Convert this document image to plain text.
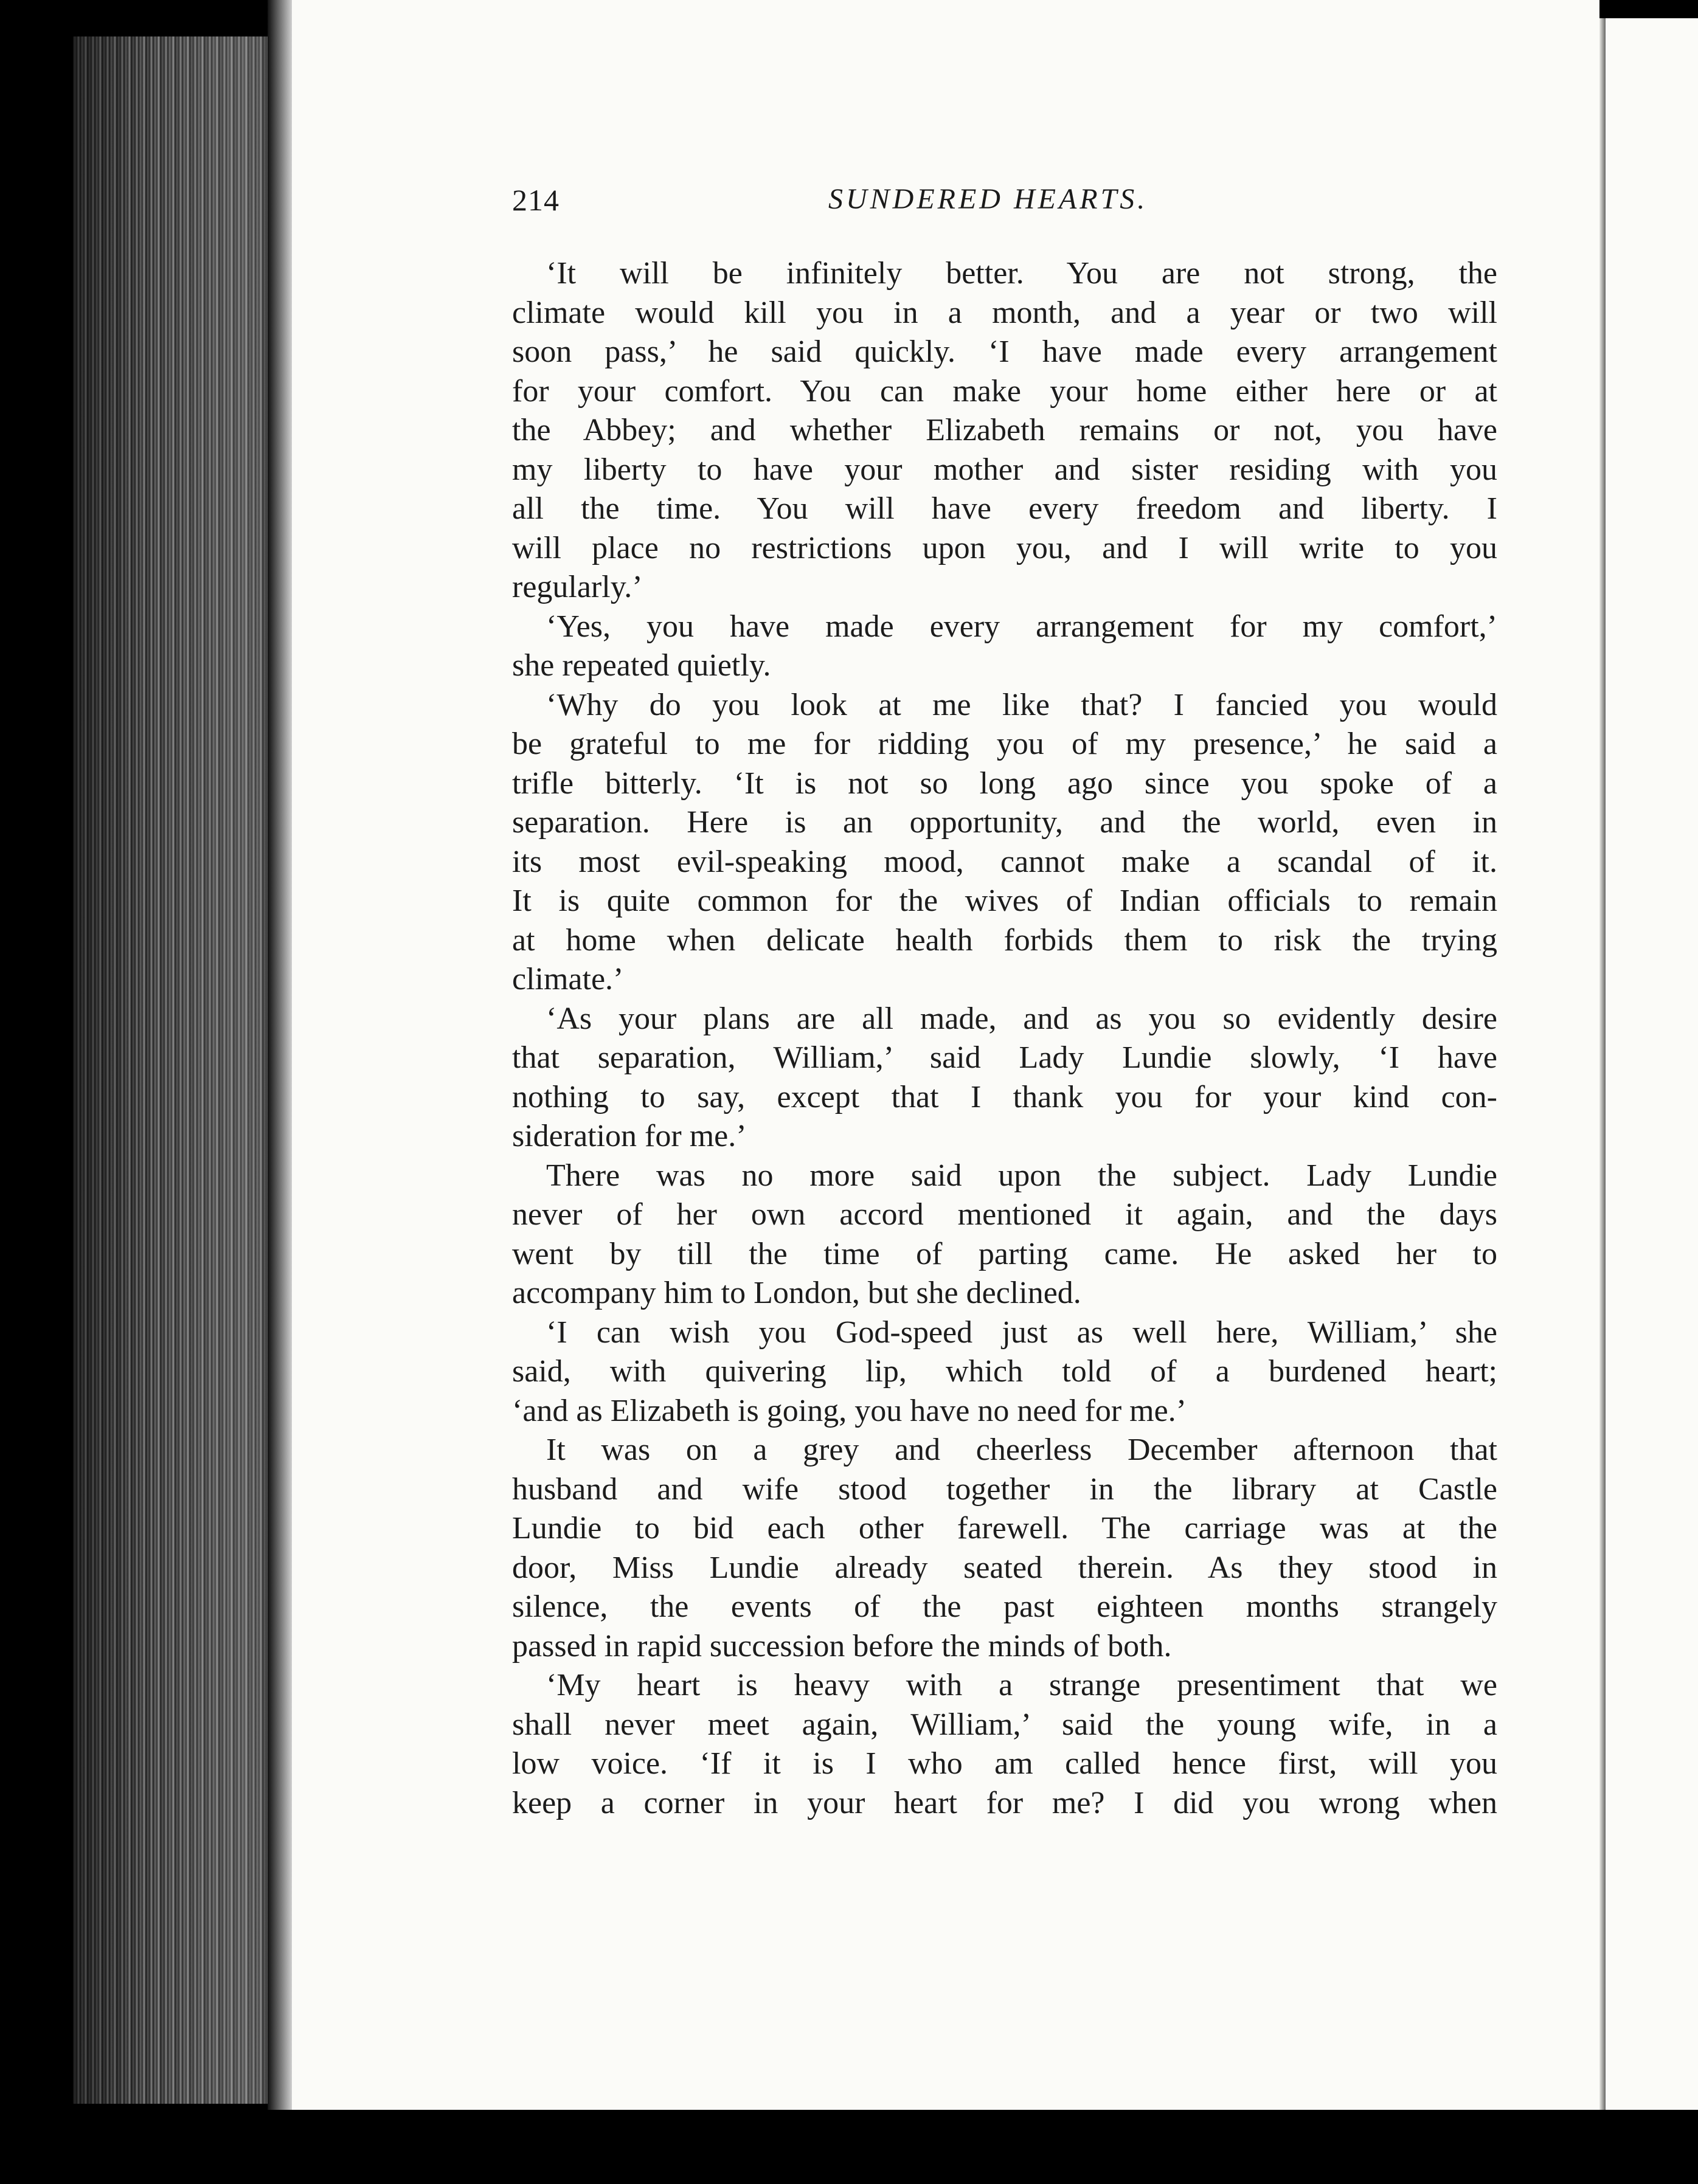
214	SUNDERED HEARTS.
‘It will be infinitely better. You are not strong, the
climate would kill you in a month, and a year or two will
soon pass,’ he said quickly. ‘I have made every arrangement
for your comfort. You can make your home either here or at
the Abbey; and whether Elizabeth remains or not, you have
my liberty to have your mother and sister residing with you
all the time. You will have every freedom and liberty. I
will place no restrictions upon you, and I will write to you
regularly.’
‘Yes, you have made every arrangement for my comfort,’
she repeated quietly.
‘Why do you look at me like that? I fancied you would
be grateful to me for ridding you of my presence,’ he said a
trifle bitterly. ‘It is not so long ago since you spoke of a
separation. Here is an opportunity, and the world, even in
its most evil-speaking mood, cannot make a scandal of it.
It is quite common for the wives of Indian officials to remain
at home when delicate health forbids them to risk the trying
climate.’
‘As your plans are all made, and as you so evidently desire
that separation, William,’ said Lady Lundie slowly, ‘I have
nothing to say, except that I thank you for your kind con-
sideration for me.’
There was no more said upon the subject. Lady Lundie
never of her own accord mentioned it again, and the days
went by till the time of parting came. He asked her to
accompany him to London, but she declined.
‘I can wish you God-speed just as well here, William,’ she
said, with quivering lip, which told of a burdened heart;
‘and as Elizabeth is going, you have no need for me.’
It was on a grey and cheerless December afternoon that
husband and wife stood together in the library at Castle
Lundie to bid each other farewell. The carriage was at the
door, Miss Lundie already seated therein. As they stood in
silence, the events of the past eighteen months strangely
passed in rapid succession before the minds of both.
‘My heart is heavy with a strange presentiment that we
shall never meet again, William,’ said the young wife, in a
low voice. ‘If it is I who am called hence first, will you
keep a corner in your heart for me? I did you wrong when
